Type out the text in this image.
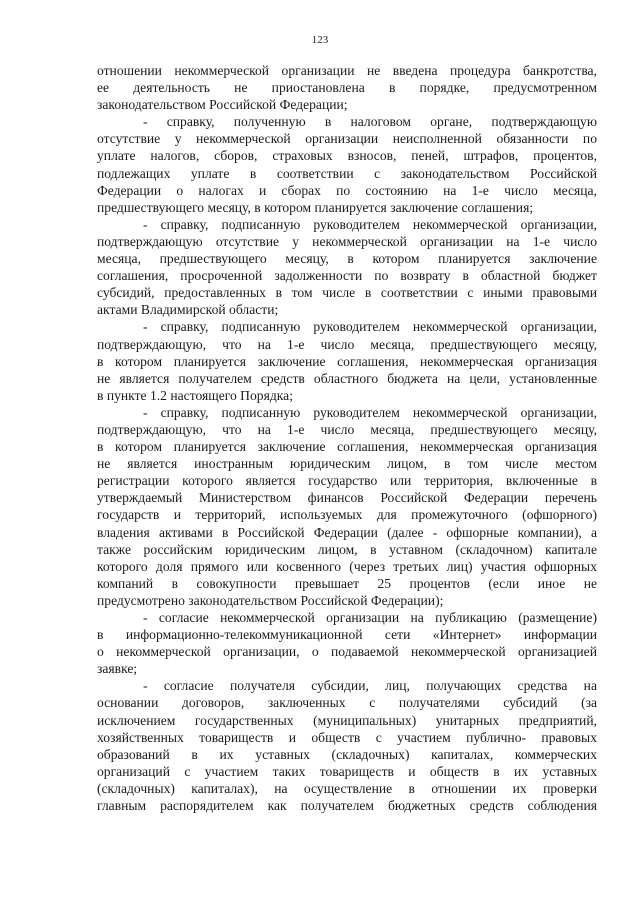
123
отношении некоммерческой организации не введена процедура банкротства,
ее деятельность не приостановлена в порядке, предусмотренном
законодательством Российской Федерации;
- справку, полученную в налоговом органе, подтверждающую
отсутствие у некоммерческой организации неисполненной обязанности по
уплате налогов, сборов, страховых взносов, пеней, штрафов, процентов,
подлежащих уплате в соответствии с законодательством Российской
Федерации о налогах и сборах по состоянию на 1-е число месяца,
предшествующего месяцу, в котором планируется заключение соглашения;
- справку, подписанную руководителем некоммерческой организации,
подтверждающую отсутствие у некоммерческой организации на 1-е число
месяца, предшествующего месяцу, в котором планируется заключение
соглашения, просроченной задолженности по возврату в областной бюджет
субсидий, предоставленных в том числе в соответствии с иными правовыми
актами Владимирской области;
- справку, подписанную руководителем некоммерческой организации,
подтверждающую, что на 1-е число месяца, предшествующего месяцу,
в котором планируется заключение соглашения, некоммерческая организация
не является получателем средств областного бюджета на цели, установленные
в пункте 1.2 настоящего Порядка;
- справку, подписанную руководителем некоммерческой организации,
подтверждающую, что на 1-е число месяца, предшествующего месяцу,
в котором планируется заключение соглашения, некоммерческая организация
не является иностранным юридическим лицом, в том числе местом
регистрации которого является государство или территория, включенные в
утверждаемый Министерством финансов Российской Федерации перечень
государств и территорий, используемых для промежуточного (офшорного)
владения активами в Российской Федерации (далее - офшорные компании), а
также российским юридическим лицом, в уставном (складочном) капитале
которого доля прямого или косвенного (через третьих лиц) участия офшорных
компаний в совокупности превышает 25 процентов (если иное не
предусмотрено законодательством Российской Федерации);
- согласие некоммерческой организации на публикацию (размещение)
в информационно-телекоммуникационной сети «Интернет» информации
о некоммерческой организации, о подаваемой некоммерческой организацией
заявке;
- согласие получателя субсидии, лиц, получающих средства на
основании договоров, заключенных с получателями субсидий (за
исключением государственных (муниципальных) унитарных предприятий,
хозяйственных товариществ и обществ с участием публично- правовых
образований в их уставных (складочных) капиталах, коммерческих
организаций с участием таких товариществ и обществ в их уставных
(складочных) капиталах), на осуществление в отношении их проверки
главным распорядителем как получателем бюджетных средств соблюдения
